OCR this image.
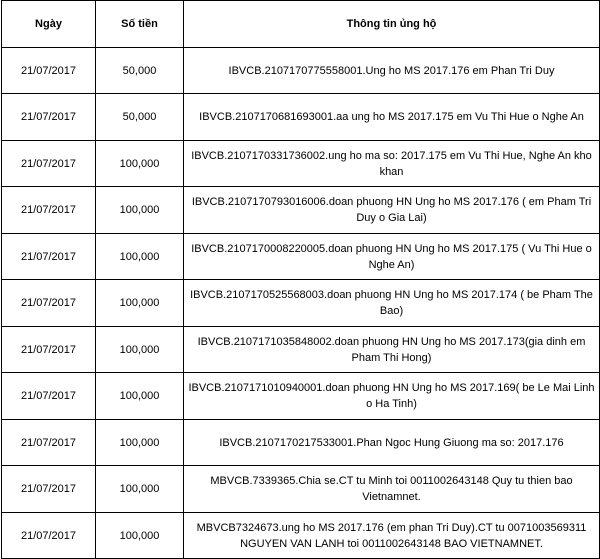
Ngày	Số tiền	Thông tin ủng hộ
21/07/2017	50,000	IBVCB.2107170775558001.Ung ho MS 2017.176 em Phan Tri Duy
21/07/2017	50,000	IBVCB.2107170681693001.aa ung ho MS 2017.175 em Vu Thi Hue o Nghe An
21/07/2017	100,000	IBVCB.2107170331736002.ung ho ma so: 2017.175 em Vu Thi Hue, Nghe An kho khan
21/07/2017	100,000	IBVCB.2107170793016006.doan phuong HN Ung ho MS 2017.176 ( em Pham Tri Duy o Gia Lai)
21/07/2017	100,000	IBVCB.2107170008220005.doan phuong HN Ung ho MS 2017.175 ( Vu Thi Hue o Nghe An)
21/07/2017	100,000	IBVCB.2107170525568003.doan phuong HN Ung ho MS 2017.174 ( be Pham The Bao)
21/07/2017	100,000	IBVCB.2107171035848002.doan phuong HN Ung ho MS 2017.173(gia dinh em Pham Thi Hong)
21/07/2017	100,000	IBVCB.2107171010940001.doan phuong HN Ung ho MS 2017.169( be Le Mai Linh o Ha Tinh)
21/07/2017	100,000	IBVCB.2107170217533001.Phan Ngoc Hung Giuong ma so: 2017.176
21/07/2017	100,000	MBVCB.7339365.Chia se.CT tu Minh toi 0011002643148 Quy tu thien bao Vietnamnet.
21/07/2017	100,000	MBVCB7324673.ung ho MS 2017.176 (em phan Tri Duy).CT tu 0071003569311 NGUYEN VAN LANH toi 0011002643148 BAO VIETNAMNET.
